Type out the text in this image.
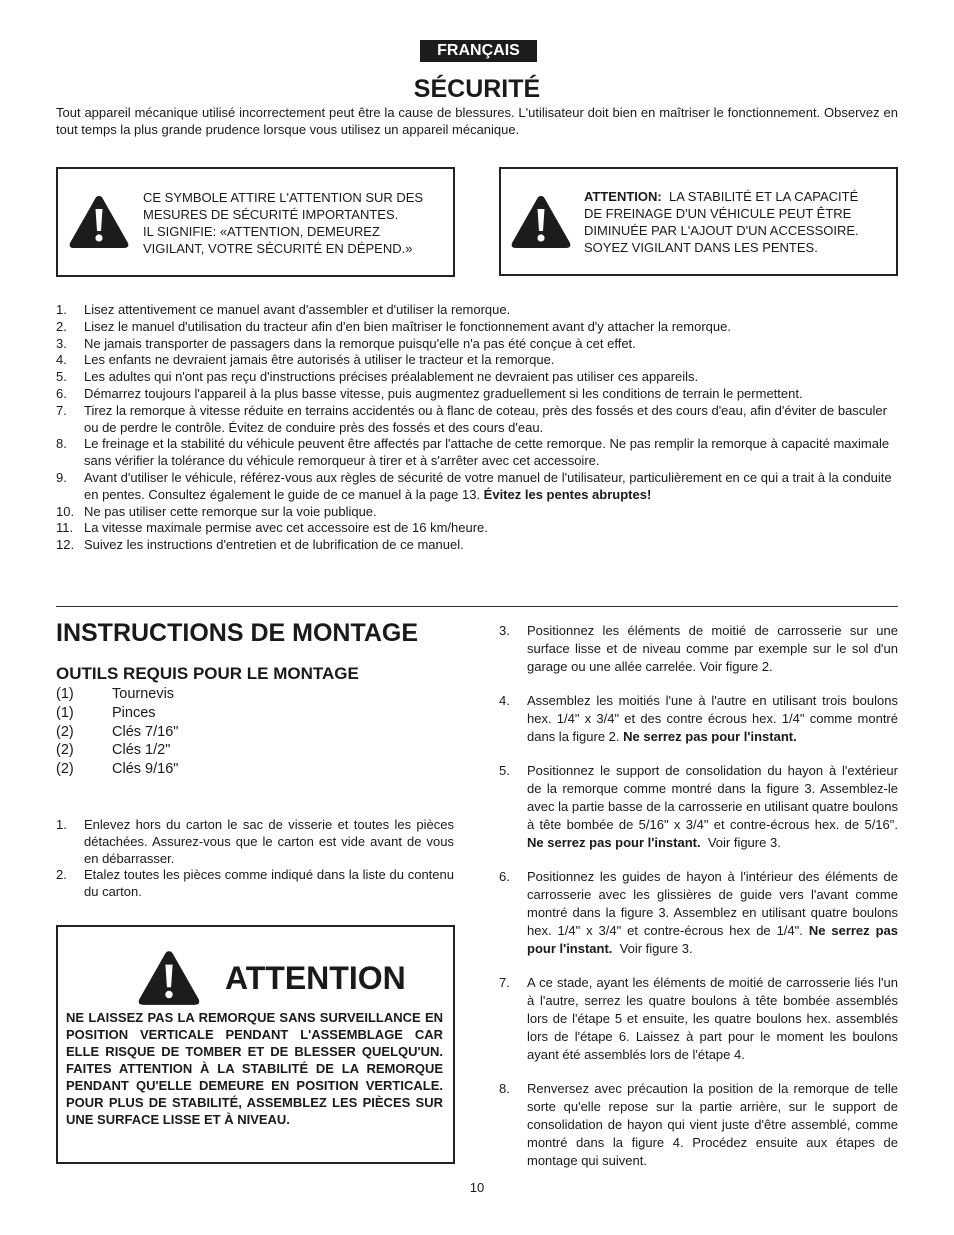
FRANÇAIS
SÉCURITÉ
Tout appareil mécanique utilisé incorrectement peut être la cause de blessures. L'utilisateur doit bien en maîtriser le fonctionnement. Observez en tout temps la plus grande prudence lorsque vous utilisez un appareil mécanique.
CE SYMBOLE ATTIRE L'ATTENTION SUR DES
MESURES DE SÉCURITÉ IMPORTANTES.
IL SIGNIFIE: «ATTENTION, DEMEUREZ
VIGILANT, VOTRE SÉCURITÉ EN DÉPEND.»
ATTENTION:  LA STABILITÉ ET LA CAPACITÉ
DE FREINAGE D'UN VÉHICULE PEUT ÊTRE
DIMINUÉE PAR L'AJOUT D'UN ACCESSOIRE.
SOYEZ VIGILANT DANS LES PENTES.
1.	Lisez attentivement ce manuel avant d'assembler et d'utiliser la remorque.
2.	Lisez le manuel d'utilisation du tracteur afin d'en bien maîtriser le fonctionnement avant d'y attacher la remorque.
3.	Ne jamais transporter de passagers dans la remorque puisqu'elle n'a pas été conçue à cet effet.
4.	Les enfants ne devraient jamais être autorisés à utiliser le tracteur et la remorque.
5.	Les adultes qui n'ont pas reçu d'instructions précises préalablement ne devraient pas utiliser ces appareils.
6.	Démarrez toujours l'appareil à la plus basse vitesse, puis augmentez graduellement si les conditions de terrain le permettent.
7.	Tirez la remorque à vitesse réduite en terrains accidentés ou à flanc de coteau, près des fossés et des cours d'eau, afin d'éviter de basculer ou de perdre le contrôle. Évitez de conduire près des fossés et des cours d'eau.
8.	Le freinage et la stabilité du véhicule peuvent être affectés par l'attache de cette remorque. Ne pas remplir la remorque à capacité maximale sans vérifier la tolérance du véhicule remorqueur à tirer et à s'arrêter avec cet accessoire.
9.	Avant d'utiliser le véhicule, référez-vous aux règles de sécurité de votre manuel de l'utilisateur, particulièrement en ce qui a trait à la conduite en pentes. Consultez également le guide de ce manuel à la page 13. Évitez les pentes abruptes!
10. Ne pas utiliser cette remorque sur la voie publique.
11. La vitesse maximale permise avec cet accessoire est de 16 km/heure.
12. Suivez les instructions d'entretien et de lubrification de ce manuel.
INSTRUCTIONS DE MONTAGE
OUTILS REQUIS POUR LE MONTAGE
(1)	Tournevis
(1)	Pinces
(2)	Clés 7/16"
(2)	Clés 1/2"
(2)	Clés 9/16"
1.	Enlevez hors du carton le sac de visserie et toutes les pièces détachées. Assurez-vous que le carton est vide avant de vous en débarrasser.
2.	Etalez toutes les pièces comme indiqué dans la liste du contenu du carton.
ATTENTION
NE LAISSEZ PAS LA REMORQUE SANS SURVEILLANCE EN POSITION VERTICALE PENDANT L'ASSEMBLAGE CAR ELLE RISQUE DE TOMBER ET DE BLESSER QUELQU'UN. FAITES ATTENTION À LA STABILITÉ DE LA REMORQUE PENDANT QU'ELLE DEMEURE EN POSITION VERTICALE. POUR PLUS DE STABILITÉ, ASSEMBLEZ LES PIÈCES SUR UNE SURFACE LISSE ET À NIVEAU.
3.	Positionnez les éléments de moitié de carrosserie sur une surface lisse et de niveau comme par exemple sur le sol d'un garage ou une allée carrelée. Voir figure 2.
4.	Assemblez les moitiés l'une à l'autre en utilisant trois boulons hex. 1/4" x 3/4" et des contre écrous hex. 1/4" comme montré dans la figure 2. Ne serrez pas pour l'instant.
5.	Positionnez le support de consolidation du hayon à l'extérieur de la remorque comme montré dans la figure 3. Assemblez-le avec la partie basse de la carrosserie en utilisant quatre boulons à tête bombée de 5/16" x 3/4" et contre-écrous hex. de 5/16". Ne serrez pas pour l'instant.  Voir figure 3.
6.	Positionnez les guides de hayon à l'intérieur des éléments de carrosserie avec les glissières de guide vers l'avant comme montré dans la figure 3. Assemblez en utilisant quatre boulons hex. 1/4" x 3/4" et contre-écrous hex de 1/4". Ne serrez pas pour l'instant.  Voir figure 3.
7.	A ce stade, ayant les éléments de moitié de carrosserie liés l'un à l'autre, serrez les quatre boulons à tête bombée assemblés lors de l'étape 5 et ensuite, les quatre boulons hex. assemblés lors de l'étape 6. Laissez à part pour le moment les boulons ayant été assemblés lors de l'étape 4.
8.	Renversez avec précaution la position de la remorque de telle sorte qu'elle repose sur la partie arrière, sur le support de consolidation de hayon qui vient juste d'être assemblé, comme montré dans la figure 4. Procédez ensuite aux étapes de montage qui suivent.
10
